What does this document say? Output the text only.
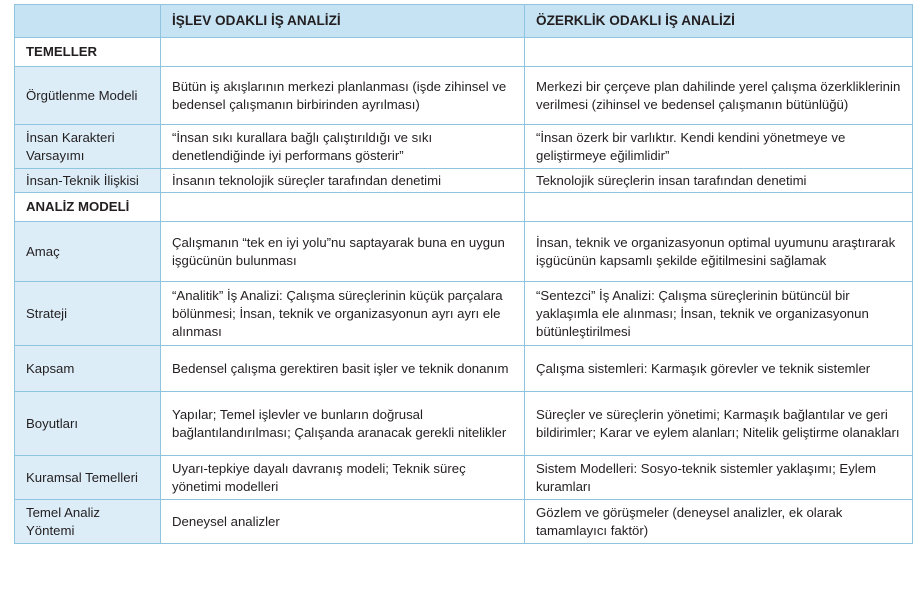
	İŞLEV ODAKLI İŞ ANALİZİ	ÖZERKLİK ODAKLI İŞ ANALİZİ
TEMELLER		
Örgütlenme Modeli	Bütün iş akışlarının merkezi planlanması (işde zihinsel ve bedensel çalışmanın birbirinden ayrılması)	Merkezi bir çerçeve plan dahilinde yerel çalışma özerkliklerinin verilmesi (zihinsel ve bedensel çalışmanın bütünlüğü)
İnsan Karakteri Varsayımı	“İnsan sıkı kurallara bağlı çalıştırıldığı ve sıkı denetlendiğinde iyi performans gösterir”	“İnsan özerk bir varlıktır. Kendi kendini yönetmeye ve geliştirmeye eğilimlidir”
İnsan-Teknik İlişkisi	İnsanın teknolojik süreçler tarafından denetimi	Teknolojik süreçlerin insan tarafından denetimi
ANALİZ MODELİ		
Amaç	Çalışmanın “tek en iyi yolu”nu saptayarak buna en uygun işgücünün bulunması	İnsan, teknik ve organizasyonun optimal uyumunu araştırarak işgücünün kapsamlı şekilde eğitilmesini sağlamak
Strateji	“Analitik” İş Analizi: Çalışma süreçlerinin küçük parçalara bölünmesi; İnsan, teknik ve organizasyonun ayrı ayrı ele alınması	“Sentezci” İş Analizi: Çalışma süreçlerinin bütüncül bir yaklaşımla ele alınması; İnsan, teknik ve organizasyonun bütünleştirilmesi
Kapsam	Bedensel çalışma gerektiren basit işler ve teknik donanım	Çalışma sistemleri: Karmaşık görevler ve teknik sistemler
Boyutları	Yapılar; Temel işlevler ve bunların doğrusal bağlantılandırılması; Çalışanda aranacak gerekli nitelikler	Süreçler ve süreçlerin yönetimi; Karmaşık bağlantılar ve geri bildirimler; Karar ve eylem alanları; Nitelik geliştirme olanakları
Kuramsal Temelleri	Uyarı-tepkiye dayalı davranış modeli; Teknik süreç yönetimi modelleri	Sistem Modelleri: Sosyo-teknik sistemler yaklaşımı; Eylem kuramları
Temel Analiz Yöntemi	Deneysel analizler	Gözlem ve görüşmeler (deneysel analizler, ek olarak tamamlayıcı faktör)
